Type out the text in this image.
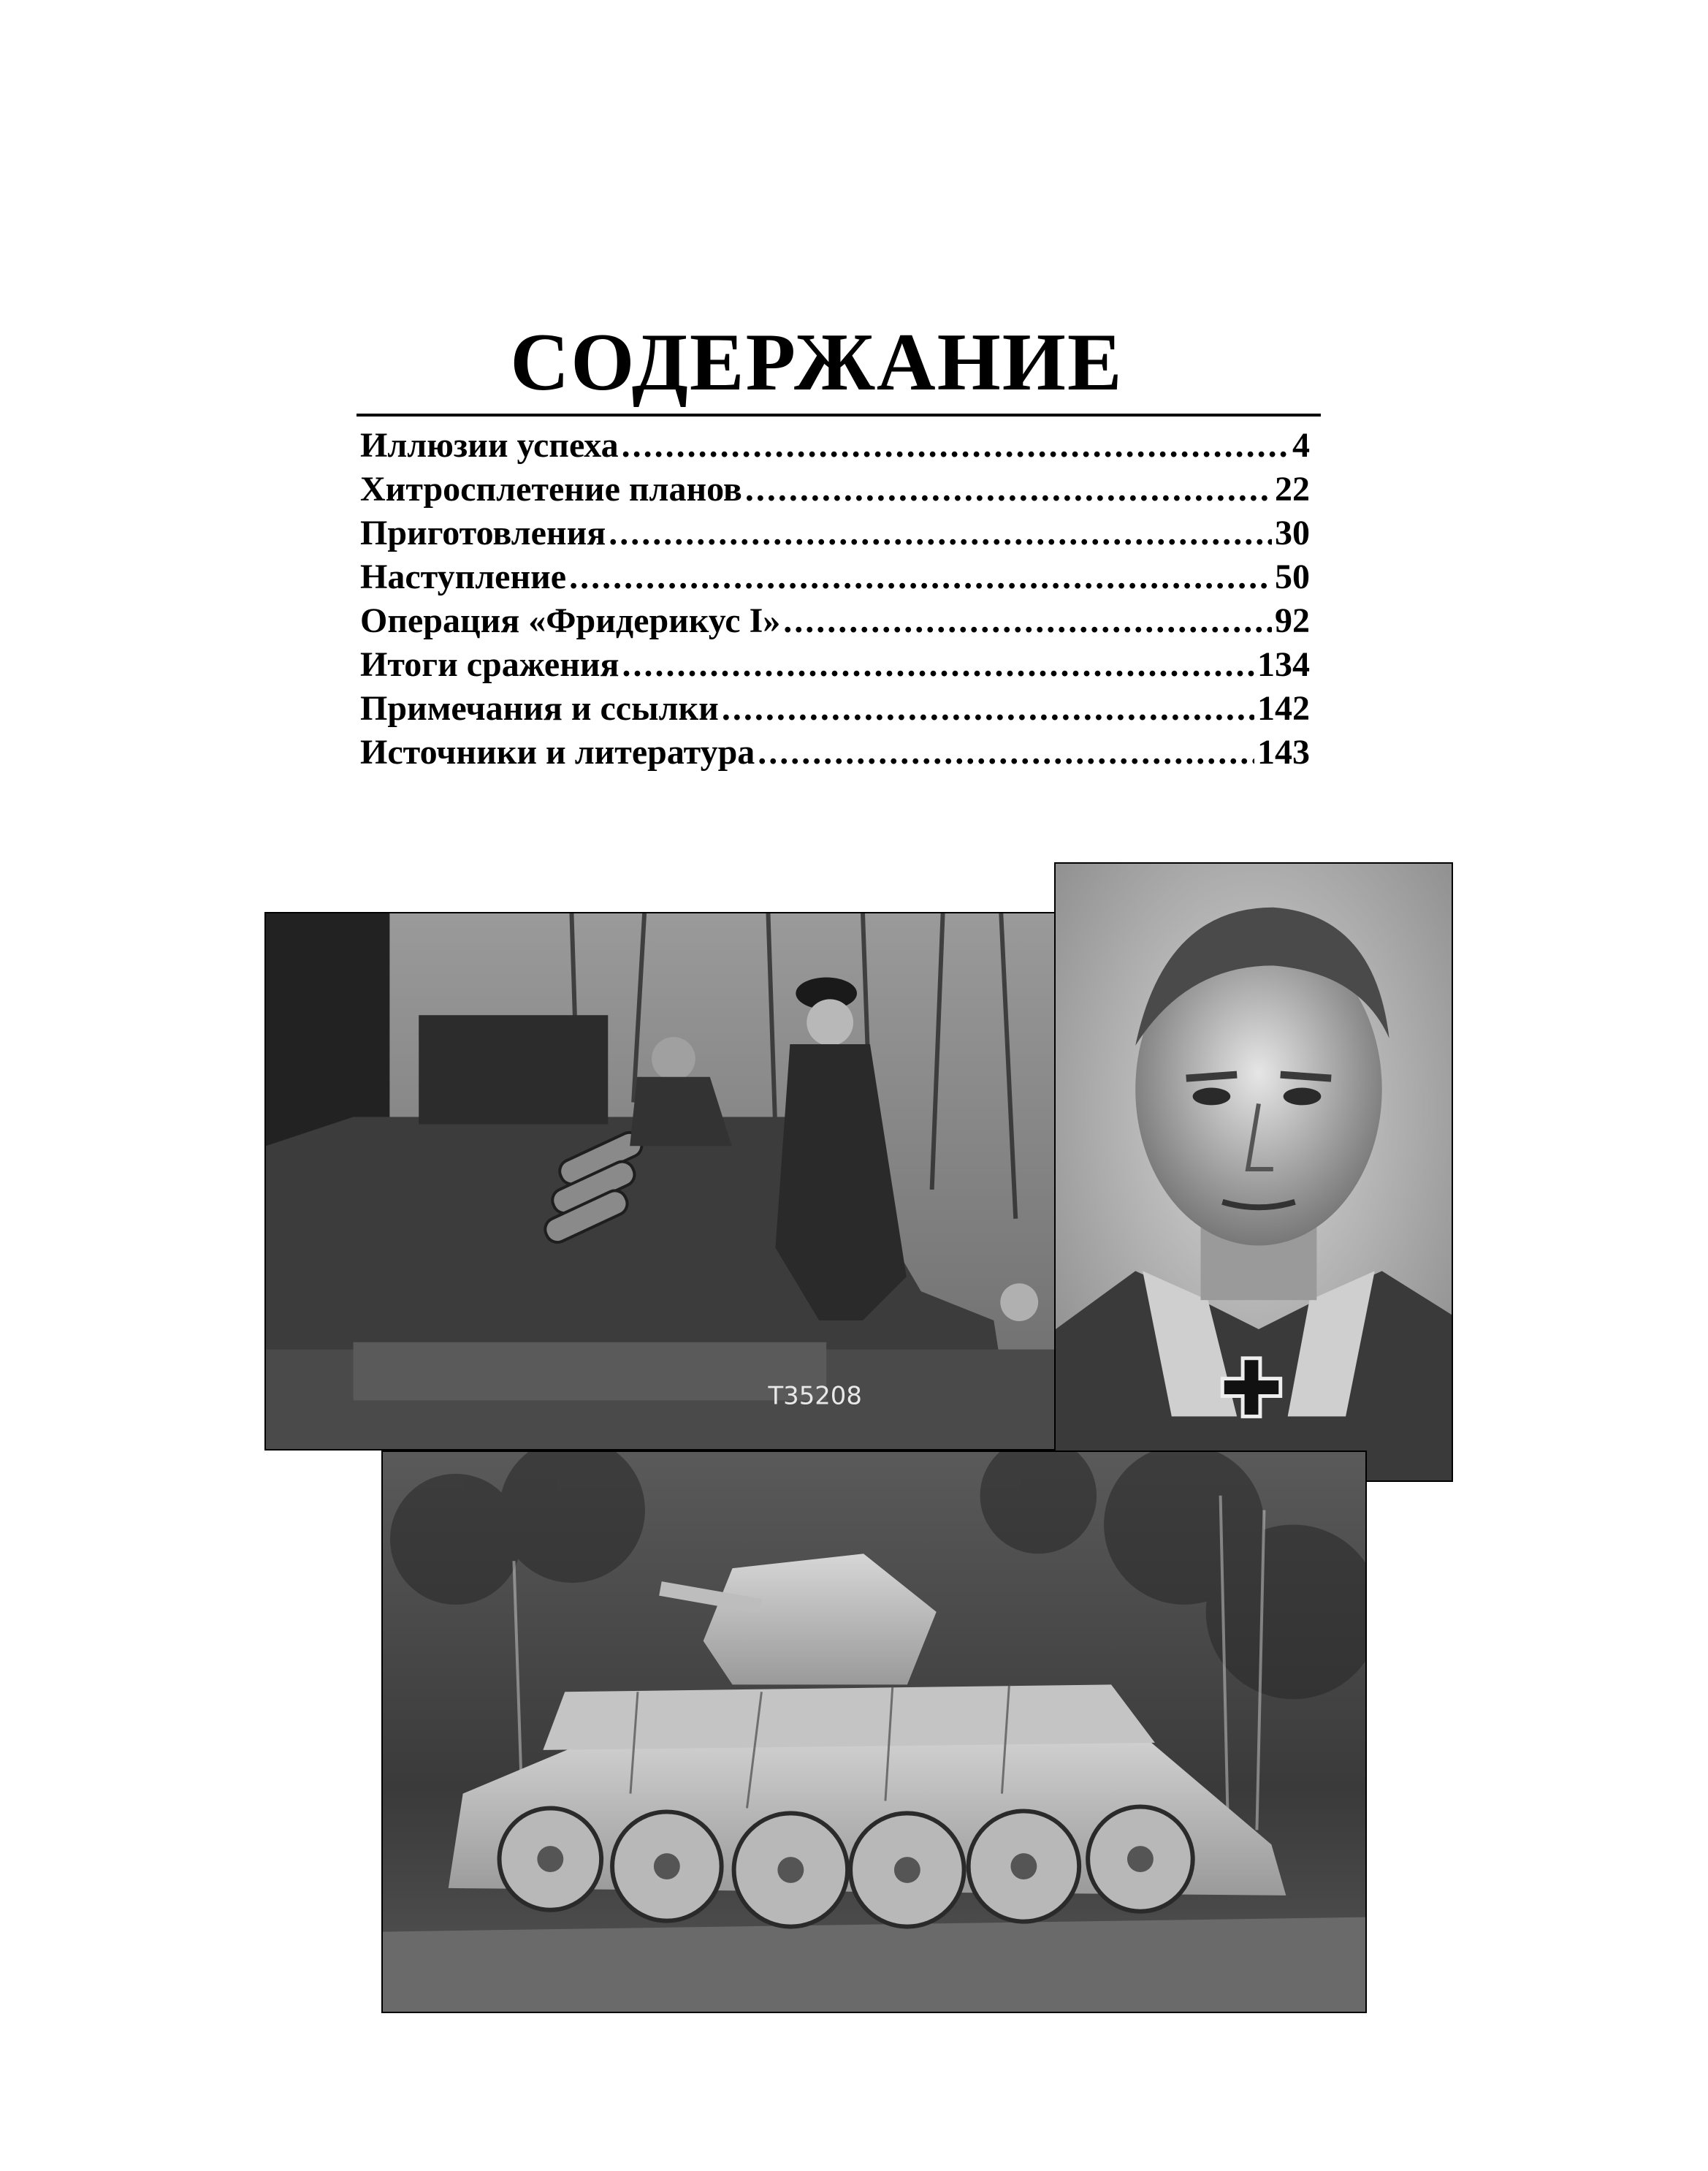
СОДЕРЖАНИЕ
Иллюзии успеха .....	4
Хитросплетение планов .....	22
Приготовления .....	30
Наступление .....	50
Операция «Фридерикус I» .....	92
Итоги сражения .....	134
Примечания и ссылки .....	142
Источники и литература .....	143
T35208
